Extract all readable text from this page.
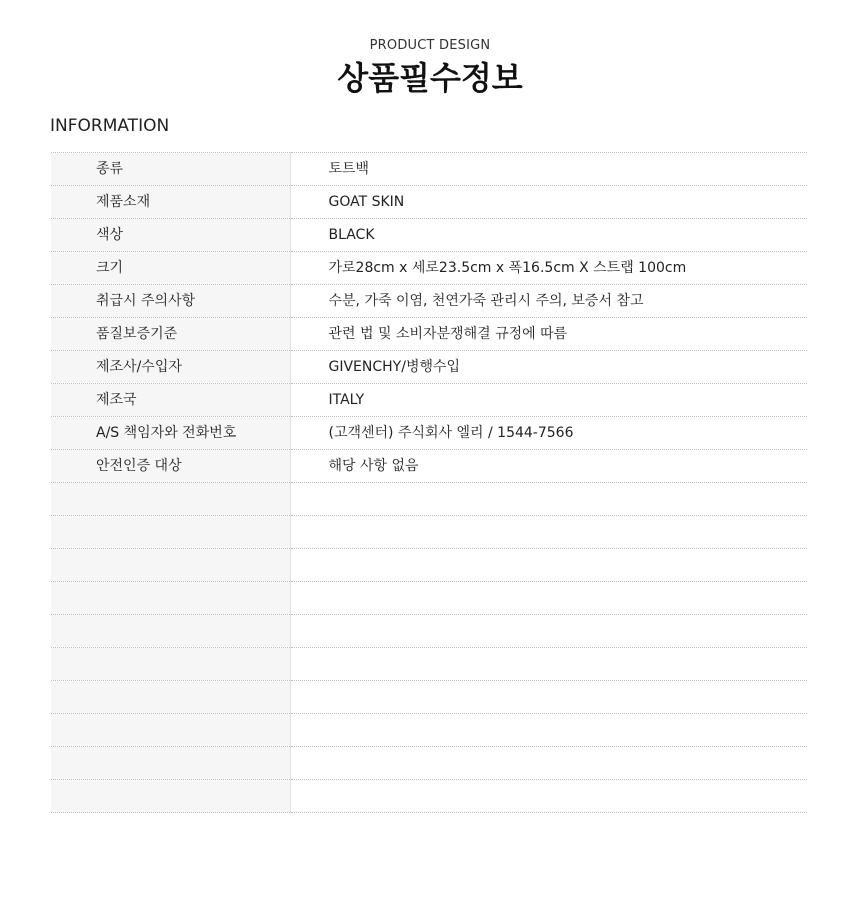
PRODUCT DESIGN
상품필수정보
INFORMATION
종류	토트백
제품소재	GOAT SKIN
색상	BLACK
크기	가로28cm x 세로23.5cm x 폭16.5cm X 스트랩 100cm
취급시 주의사항	수분, 가죽 이염, 천연가죽 관리시 주의, 보증서 참고
품질보증기준	관련 법 및 소비자분쟁해결 규정에 따름
제조사/수입자	GIVENCHY/병행수입
제조국	ITALY
A/S 책임자와 전화번호	(고객센터) 주식회사 엘리 / 1544-7566
안전인증 대상	해당 사항 없음
